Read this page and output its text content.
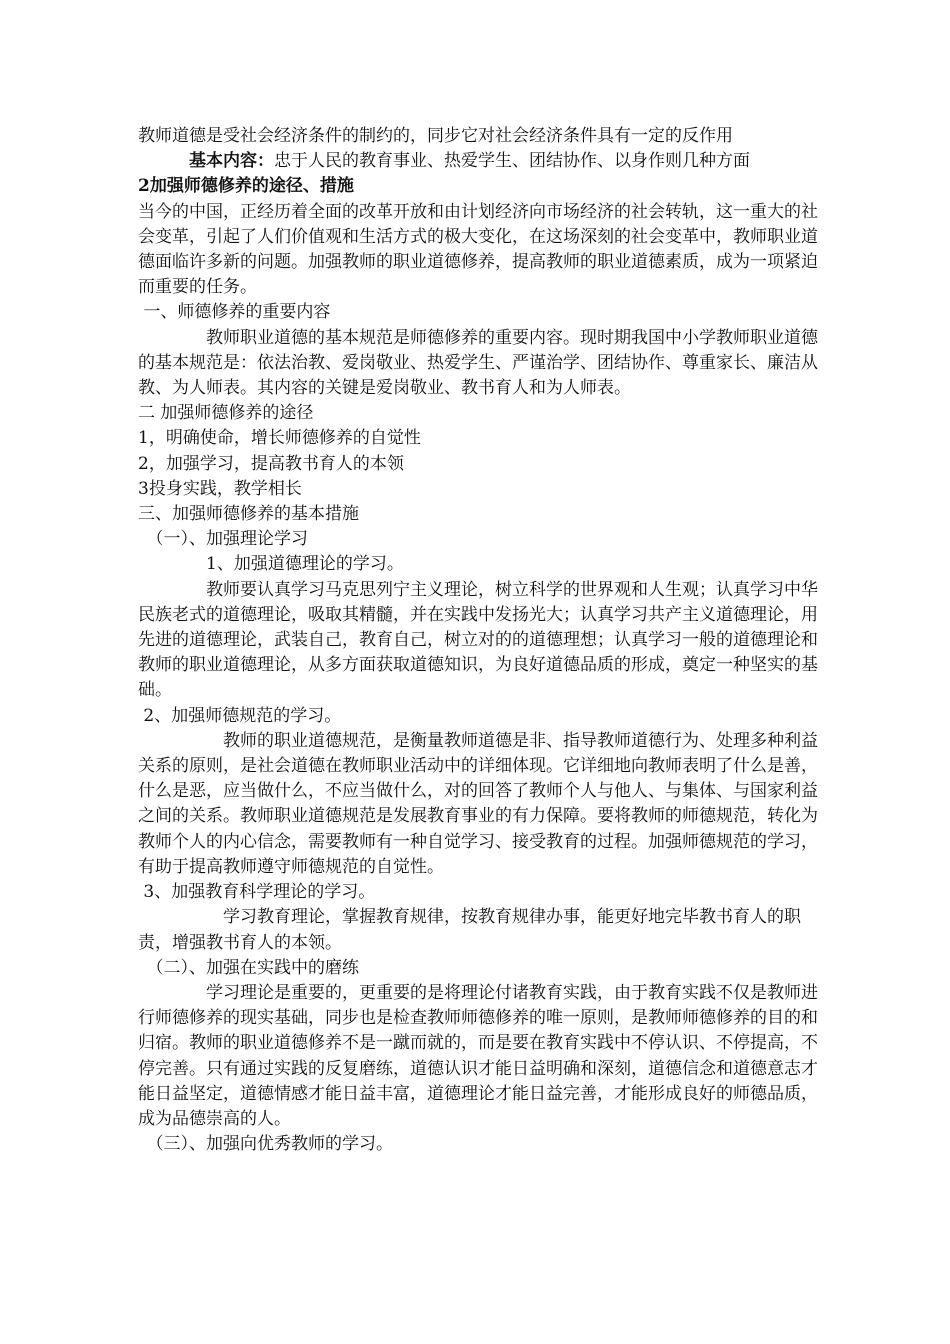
教师道德是受社会经济条件的制约的，同步它对社会经济条件具有一定的反作用

　　　基本内容：忠于人民的教育事业、热爱学生、团结协作、以身作则几种方面

2加强师德修养的途径、措施

当今的中国，正经历着全面的改革开放和由计划经济向市场经济的社会转轨，这一重大的社会变革，引起了人们价值观和生活方式的极大变化，在这场深刻的社会变革中，教师职业道德面临许多新的问题。加强教师的职业道德修养，提高教师的职业道德素质，成为一项紧迫而重要的任务。

一、师德修养的重要内容

　　　　教师职业道德的基本规范是师德修养的重要内容。现时期我国中小学教师职业道德的基本规范是：依法治教、爱岗敬业、热爱学生、严谨治学、团结协作、尊重家长、廉洁从教、为人师表。其内容的关键是爱岗敬业、教书育人和为人师表。

二 加强师德修养的途径

1，明确使命，增长师德修养的自觉性

2，加强学习，提高教书育人的本领

3投身实践，教学相长

三、加强师德修养的基本措施

　（一）、加强理论学习

　　　　1、加强道德理论的学习。

　　　　教师要认真学习马克思列宁主义理论，树立科学的世界观和人生观；认真学习中华民族老式的道德理论，吸取其精髓，并在实践中发扬光大；认真学习共产主义道德理论，用先进的道德理论，武装自己，教育自己，树立对的的道德理想；认真学习一般的道德理论和教师的职业道德理论，从多方面获取道德知识，为良好道德品质的形成，奠定一种坚实的基础。

2、加强师德规范的学习。

　　　　　教师的职业道德规范，是衡量教师道德是非、指导教师道德行为、处理多种利益关系的原则，是社会道德在教师职业活动中的详细体现。它详细地向教师表明了什么是善，什么是恶，应当做什么，不应当做什么，对的回答了教师个人与他人、与集体、与国家利益之间的关系。教师职业道德规范是发展教育事业的有力保障。要将教师的师德规范，转化为教师个人的内心信念，需要教师有一种自觉学习、接受教育的过程。加强师德规范的学习，有助于提高教师遵守师德规范的自觉性。

3、加强教育科学理论的学习。

　　　　　学习教育理论，掌握教育规律，按教育规律办事，能更好地完毕教书育人的职责，增强教书育人的本领。

　（二）、加强在实践中的磨练

　　　　学习理论是重要的，更重要的是将理论付诸教育实践，由于教育实践不仅是教师进行师德修养的现实基础，同步也是检查教师师德修养的唯一原则，是教师师德修养的目的和归宿。教师的职业道德修养不是一蹴而就的，而是要在教育实践中不停认识、不停提高，不停完善。只有通过实践的反复磨练，道德认识才能日益明确和深刻，道德信念和道德意志才能日益坚定，道德情感才能日益丰富，道德理论才能日益完善，才能形成良好的师德品质，成为品德崇高的人。

　（三）、加强向优秀教师的学习。
